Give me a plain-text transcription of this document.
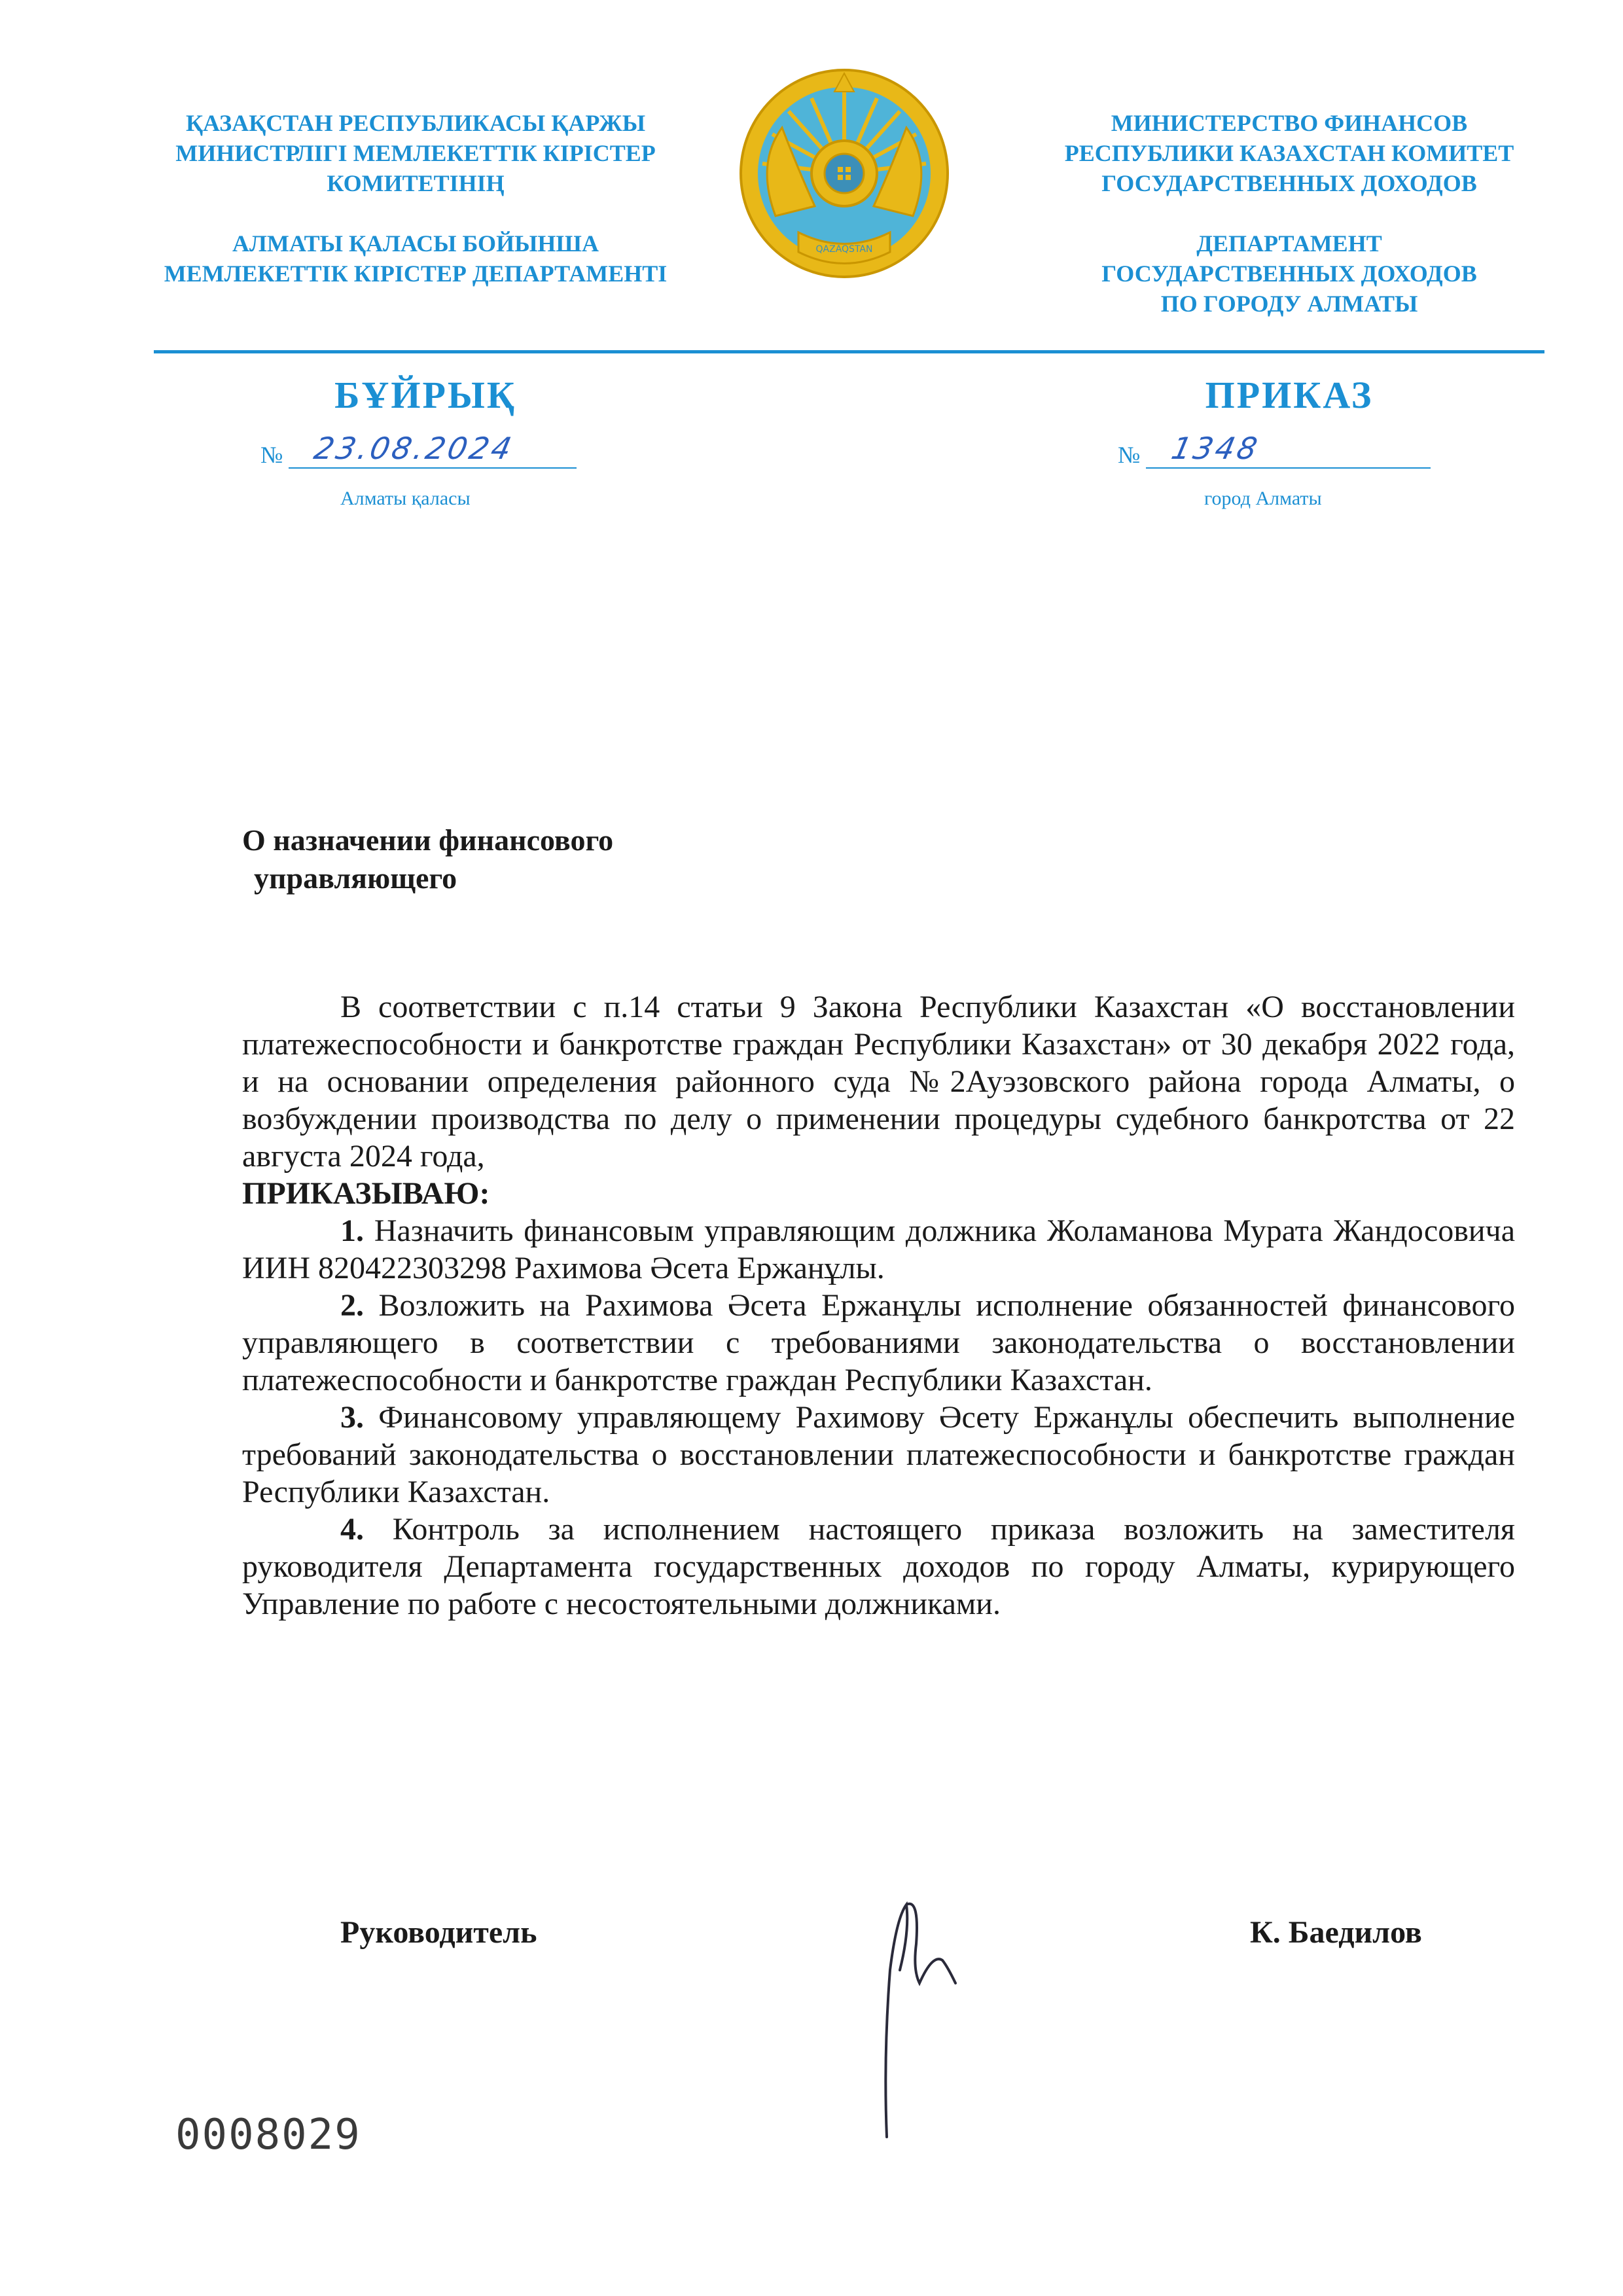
ҚАЗАҚСТАН РЕСПУБЛИКАСЫ ҚАРЖЫ
МИНИСТРЛІГІ МЕМЛЕКЕТТІК КІРІСТЕР
КОМИТЕТІНІҢ
АЛМАТЫ ҚАЛАСЫ БОЙЫНША
МЕМЛЕКЕТТІК КІРІСТЕР ДЕПАРТАМЕНТІ
QAZAQSTAN
МИНИСТЕРСТВО ФИНАНСОВ
РЕСПУБЛИКИ КАЗАХСТАН КОМИТЕТ
ГОСУДАРСТВЕННЫХ ДОХОДОВ
ДЕПАРТАМЕНТ
ГОСУДАРСТВЕННЫХ ДОХОДОВ
ПО ГОРОДУ АЛМАТЫ
БҰЙРЫҚ	ПРИКАЗ
№ 23.08.2024	№ 1348
Алматы қаласы	город Алматы
О назначении финансового
управляющего

В соответствии с п.14 статьи 9 Закона Республики Казахстан «О восстановлении платежеспособности и банкротстве граждан Республики Казахстан» от 30 декабря 2022 года, и на основании определения районного суда №2Ауэзовского района города Алматы, о возбуждении производства по делу о применении процедуры судебного банкротства от 22 августа 2024 года,

ПРИКАЗЫВАЮ:

1. Назначить финансовым управляющим должника Жоламанова Мурата Жандосовича ИИН 820422303298 Рахимова Әсета Ержанұлы.

2. Возложить на Рахимова Әсета Ержанұлы исполнение обязанностей финансового управляющего в соответствии с требованиями законодательства о восстановлении платежеспособности и банкротстве граждан Республики Казахстан.

3. Финансовому управляющему Рахимову Әсету Ержанұлы обеспечить выполнение требований законодательства о восстановлении платежеспособности и банкротстве граждан Республики Казахстан.

4. Контроль за исполнением настоящего приказа возложить на заместителя руководителя Департамента государственных доходов по городу Алматы, курирующего Управление по работе с несостоятельными должниками.

Руководитель	К. Баедилов
0008029
